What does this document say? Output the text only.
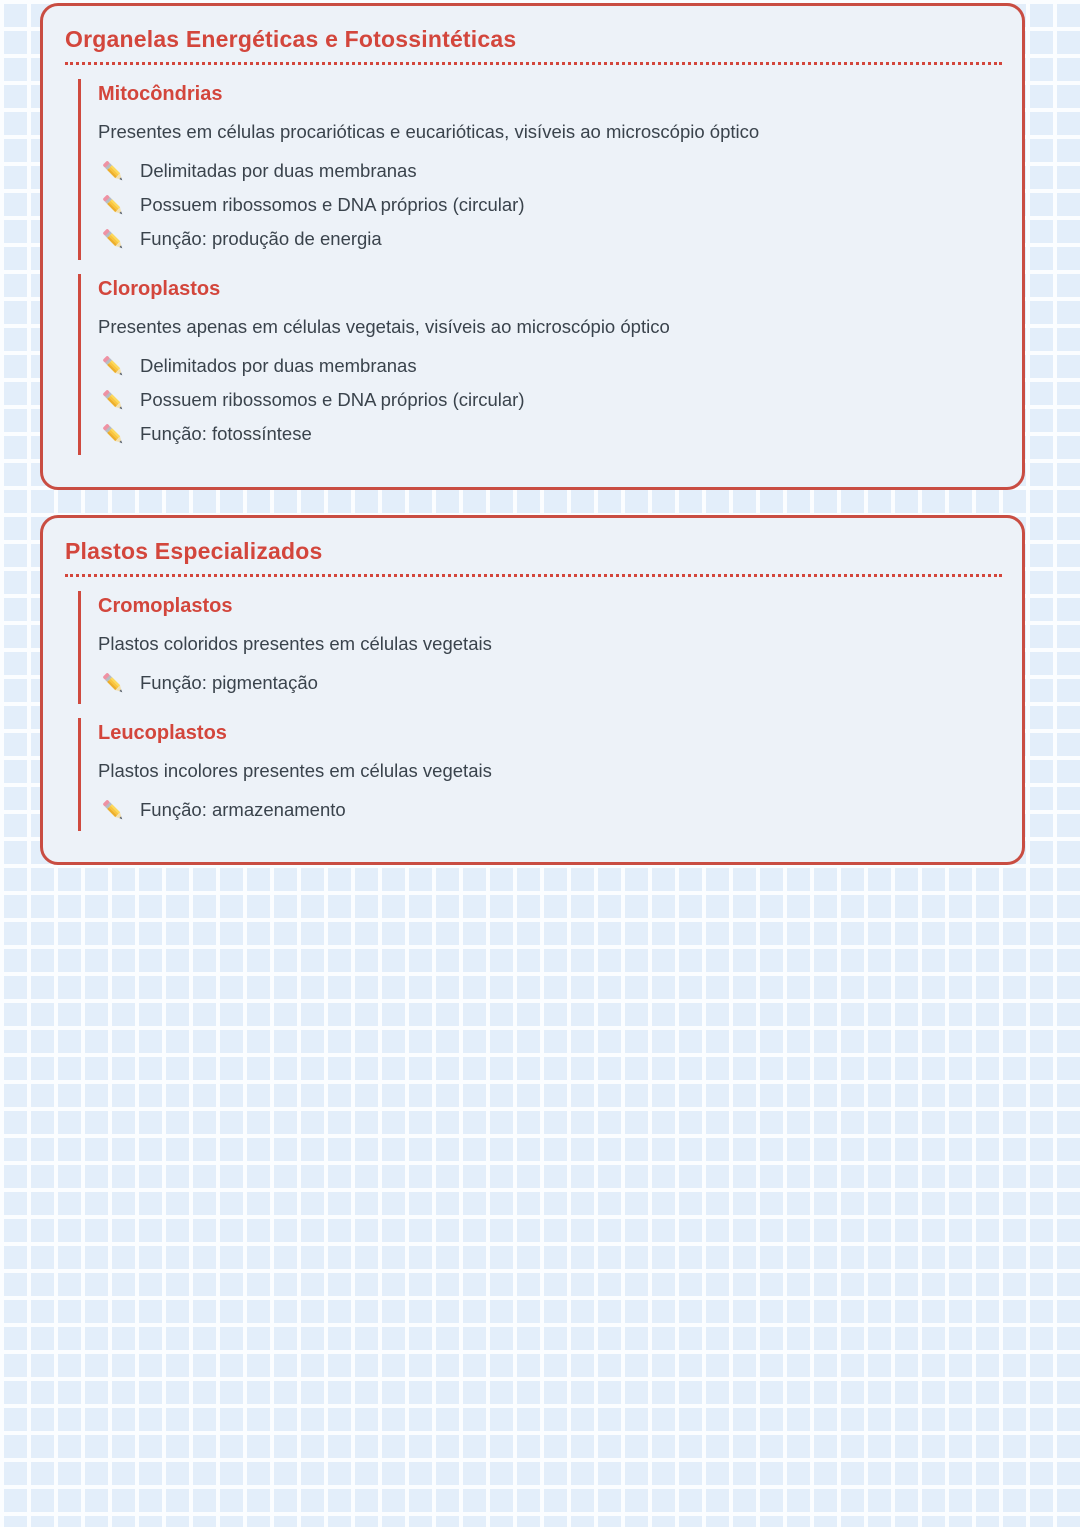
Organelas Energéticas e Fotossintéticas
Mitocôndrias
Presentes em células procarióticas e eucarióticas, visíveis ao microscópio óptico
Delimitadas por duas membranas
Possuem ribossomos e DNA próprios (circular)
Função: produção de energia
Cloroplastos
Presentes apenas em células vegetais, visíveis ao microscópio óptico
Delimitados por duas membranas
Possuem ribossomos e DNA próprios (circular)
Função: fotossíntese
Plastos Especializados
Cromoplastos
Plastos coloridos presentes em células vegetais
Função: pigmentação
Leucoplastos
Plastos incolores presentes em células vegetais
Função: armazenamento
